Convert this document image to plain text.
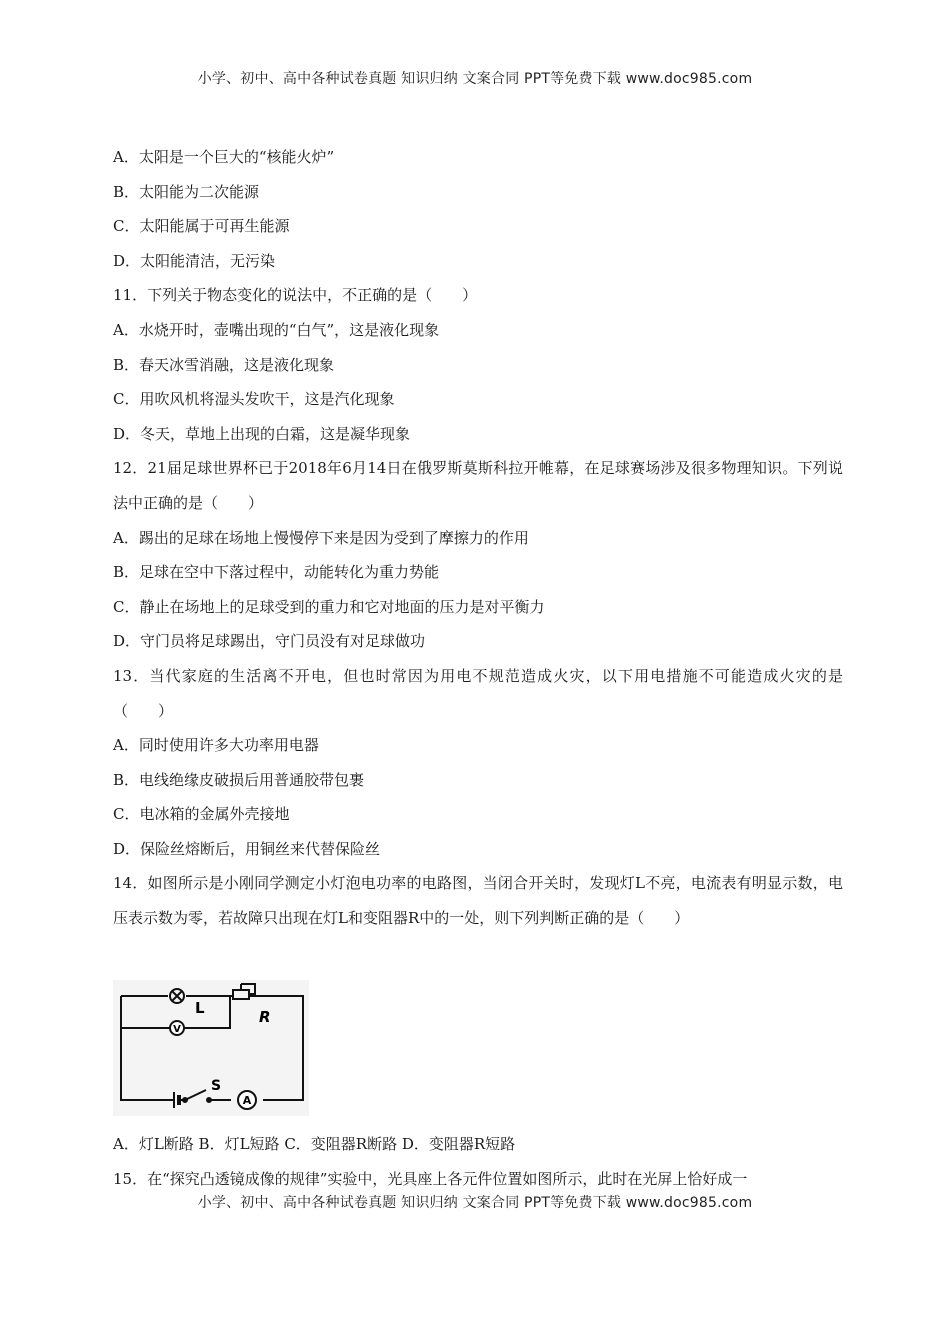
小学、初中、高中各种试卷真题 知识归纳 文案合同 PPT等免费下载 www.doc985.com
A．太阳是一个巨大的“核能火炉”
B．太阳能为二次能源
C．太阳能属于可再生能源
D．太阳能清洁，无污染
11．下列关于物态变化的说法中，不正确的是（　　）
A．水烧开时，壶嘴出现的“白气”，这是液化现象
B．春天冰雪消融，这是液化现象
C．用吹风机将湿头发吹干，这是汽化现象
D．冬天，草地上出现的白霜，这是凝华现象
12．21届足球世界杯已于2018年6月14日在俄罗斯莫斯科拉开帷幕，在足球赛场涉及很多物理知识。下列说法中正确的是（　　）
A．踢出的足球在场地上慢慢停下来是因为受到了摩擦力的作用
B．足球在空中下落过程中，动能转化为重力势能
C．静止在场地上的足球受到的重力和它对地面的压力是对平衡力
D．守门员将足球踢出，守门员没有对足球做功
13．当代家庭的生活离不开电，但也时常因为用电不规范造成火灾，以下用电措施不可能造成火灾的是（　　）
A．同时使用许多大功率用电器
B．电线绝缘皮破损后用普通胶带包裹
C．电冰箱的金属外壳接地
D．保险丝熔断后，用铜丝来代替保险丝
14．如图所示是小刚同学测定小灯泡电功率的电路图，当闭合开关时，发现灯L不亮，电流表有明显示数，电压表示数为零，若故障只出现在灯L和变阻器R中的一处，则下列判断正确的是（　　）
V
A
L	R
S
A．灯L断路 B．灯L短路 C．变阻器R断路 D．变阻器R短路
15．在“探究凸透镜成像的规律”实验中，光具座上各元件位置如图所示，此时在光屏上恰好成一
小学、初中、高中各种试卷真题 知识归纳 文案合同 PPT等免费下载 www.doc985.com
